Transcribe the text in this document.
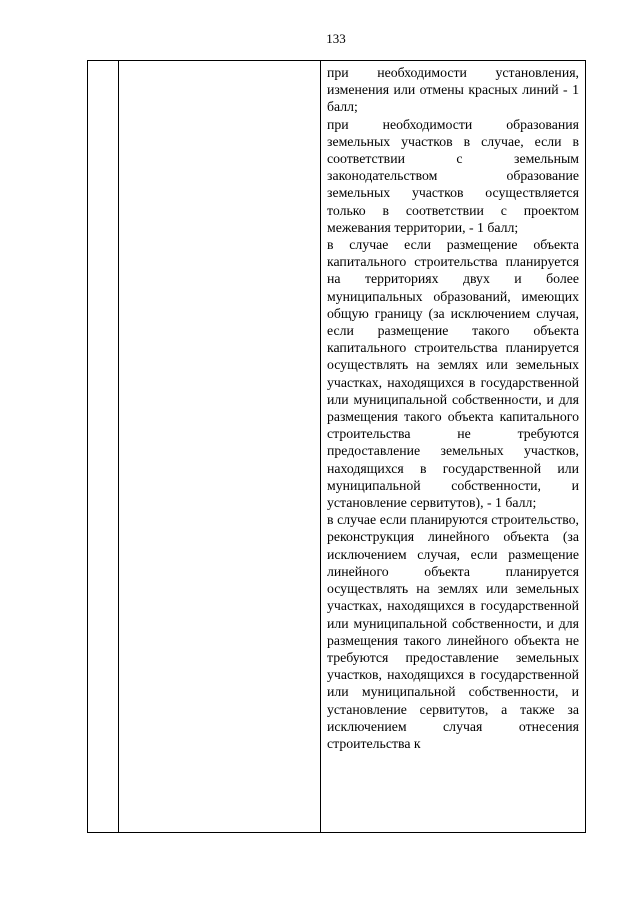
133

при необходимости установления, изменения или отмены красных линий - 1 балл;

при необходимости образования земельных участков в случае, если в соответствии с земельным законодательством образование земельных участков осуществляется только в соответствии с проектом межевания территории, - 1 балл;

в случае если размещение объекта капитального строительства планируется на территориях двух и более муниципальных образований, имеющих общую границу (за исключением случая, если размещение такого объекта капитального строительства планируется осуществлять на землях или земельных участках, находящихся в государственной или муниципальной собственности, и для размещения такого объекта капитального строительства не требуются предоставление земельных участков, находящихся в государственной или муниципальной собственности, и установление сервитутов), - 1 балл;

в случае если планируются строительство, реконструкция линейного объекта (за исключением случая, если размещение линейного объекта планируется осуществлять на землях или земельных участках, находящихся в государственной или муниципальной собственности, и для размещения такого линейного объекта не требуются предоставление земельных участков, находящихся в государственной или муниципальной собственности, и установление сервитутов, а также за исключением случая отнесения строительства к
